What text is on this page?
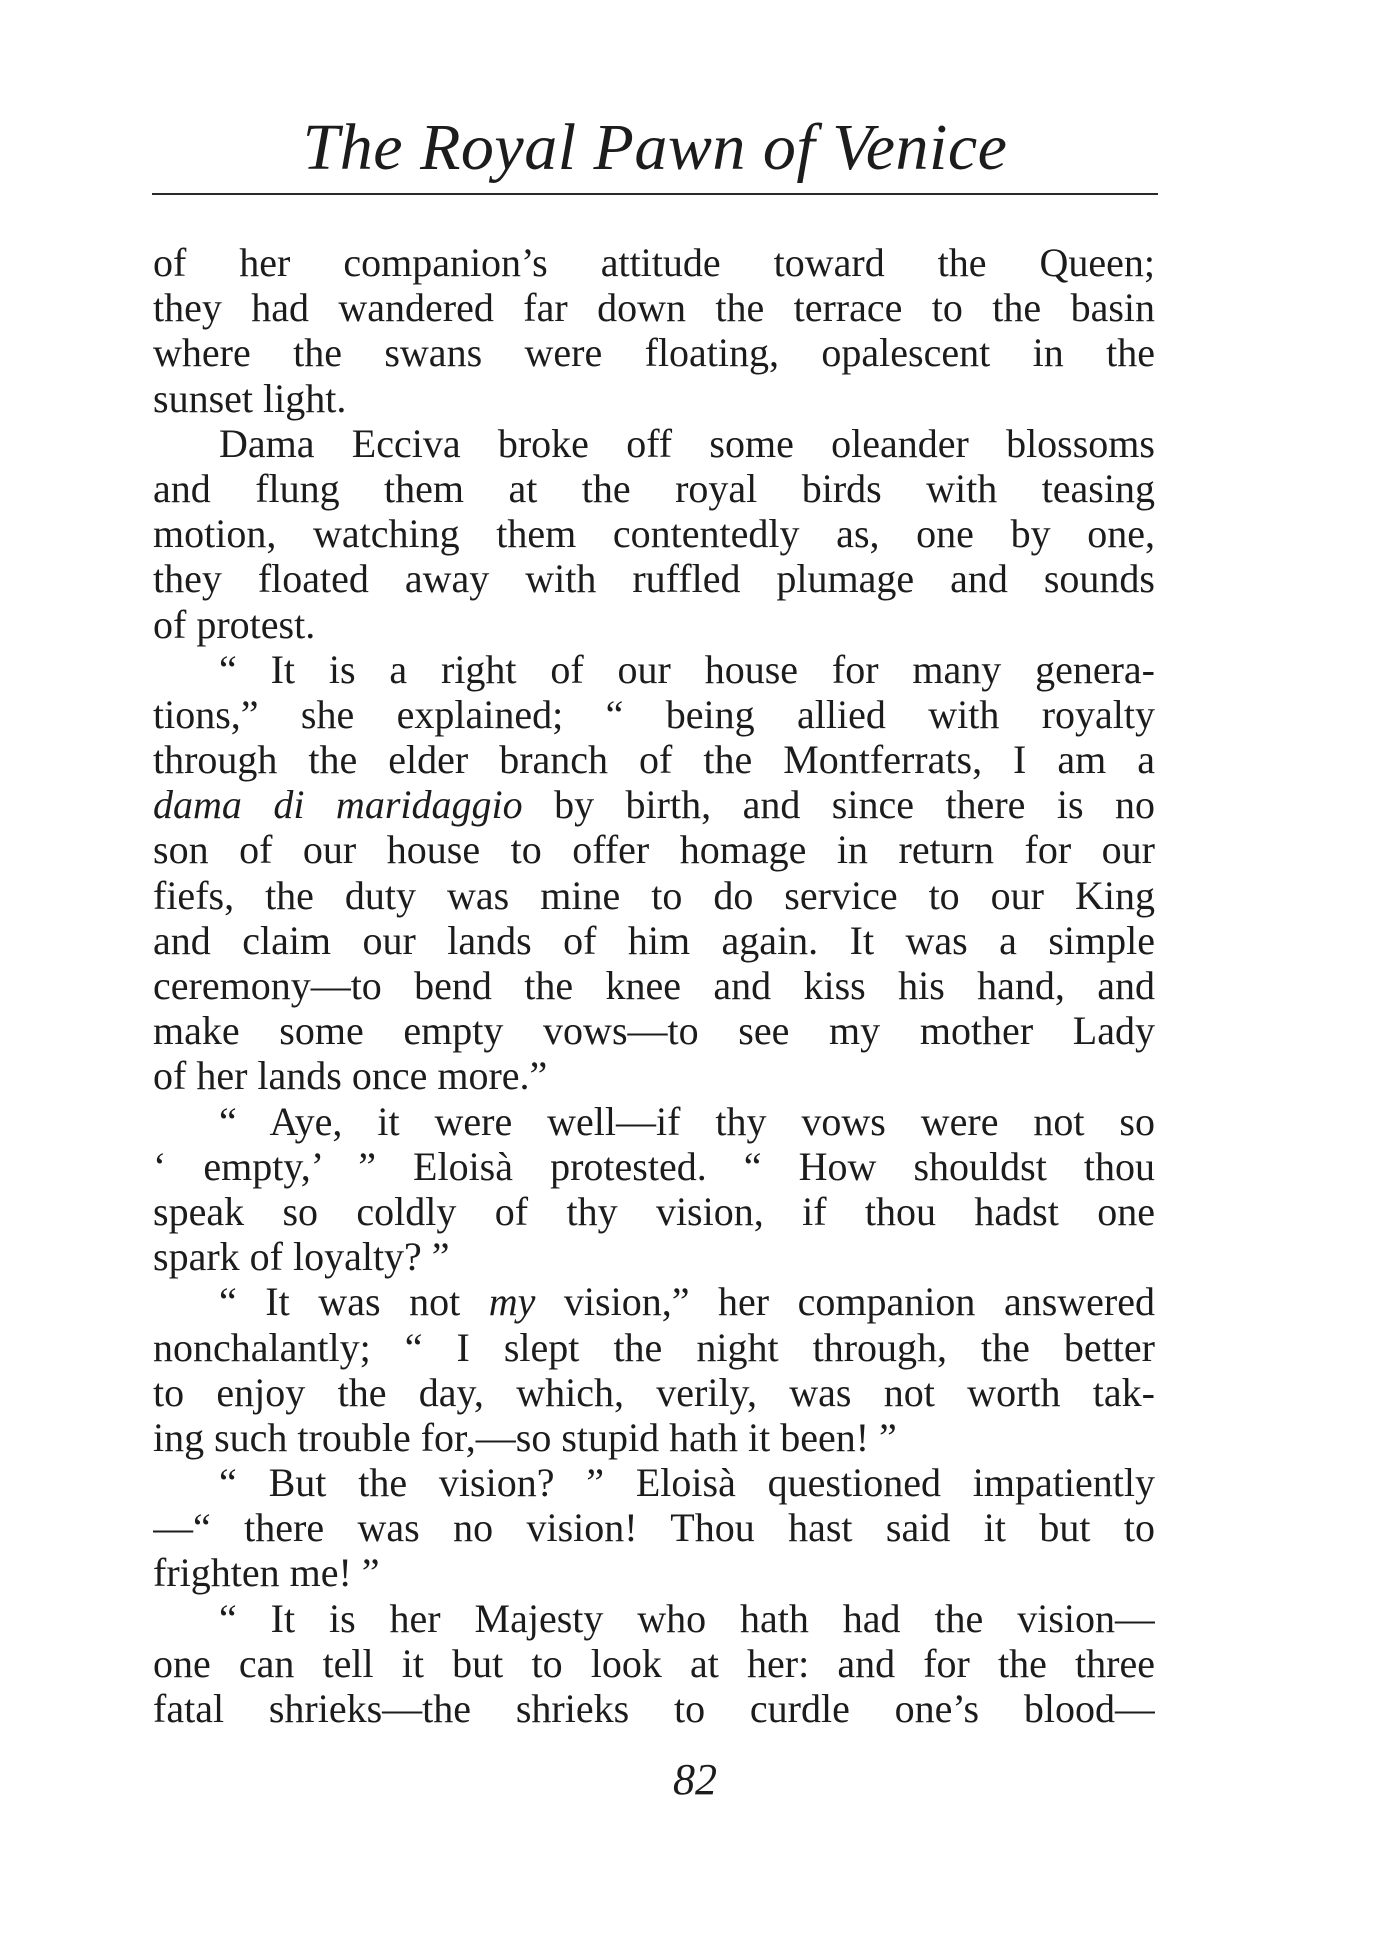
The Royal Pawn of Venice
of her companion’s attitude toward the Queen;
they had wandered far down the terrace to the basin
where the swans were floating, opalescent in the
sunset light.
Dama Ecciva broke off some oleander blossoms
and flung them at the royal birds with teasing
motion, watching them contentedly as, one by one,
they floated away with ruffled plumage and sounds
of protest.
“ It is a right of our house for many genera-
tions,” she explained; “ being allied with royalty
through the elder branch of the Montferrats, I am a
dama di maridaggio by birth, and since there is no
son of our house to offer homage in return for our
fiefs, the duty was mine to do service to our King
and claim our lands of him again. It was a simple
ceremony—to bend the knee and kiss his hand, and
make some empty vows—to see my mother Lady
of her lands once more.”
“ Aye, it were well—if thy vows were not so
‘ empty,’ ” Eloisà protested. “ How shouldst thou
speak so coldly of thy vision, if thou hadst one
spark of loyalty? ”
“ It was not my vision,” her companion answered
nonchalantly; “ I slept the night through, the better
to enjoy the day, which, verily, was not worth tak-
ing such trouble for,—so stupid hath it been! ”
“ But the vision? ” Eloisà questioned impatiently
—“ there was no vision! Thou hast said it but to
frighten me! ”
“ It is her Majesty who hath had the vision—
one can tell it but to look at her: and for the three
fatal shrieks—the shrieks to curdle one’s blood—
82
